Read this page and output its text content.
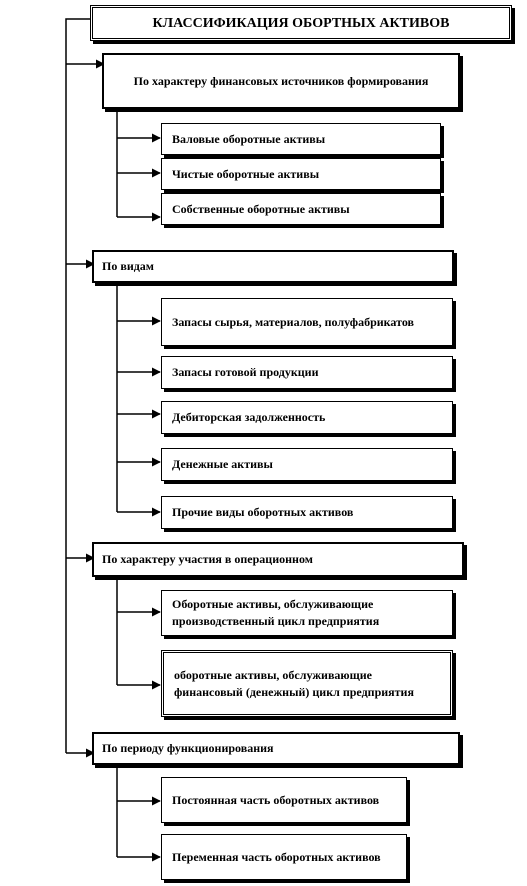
КЛАССИФИКАЦИЯ ОБОРТНЫХ АКТИВОВ
По характеру финансовых источников формирования
Валовые оборотные активы
Чистые оборотные активы
Собственные оборотные активы
По видам
Запасы сырья, материалов, полуфабрикатов
Запасы готовой продукции
Дебиторская задолженность
Денежные активы
Прочие виды оборотных активов
По характеру участия в операционном
Оборотные активы, обслуживающие производственный цикл предприятия
оборотные активы, обслуживающие финансовый (денежный) цикл предприятия
По периоду функционирования
Постоянная часть оборотных активов
Переменная часть оборотных активов
